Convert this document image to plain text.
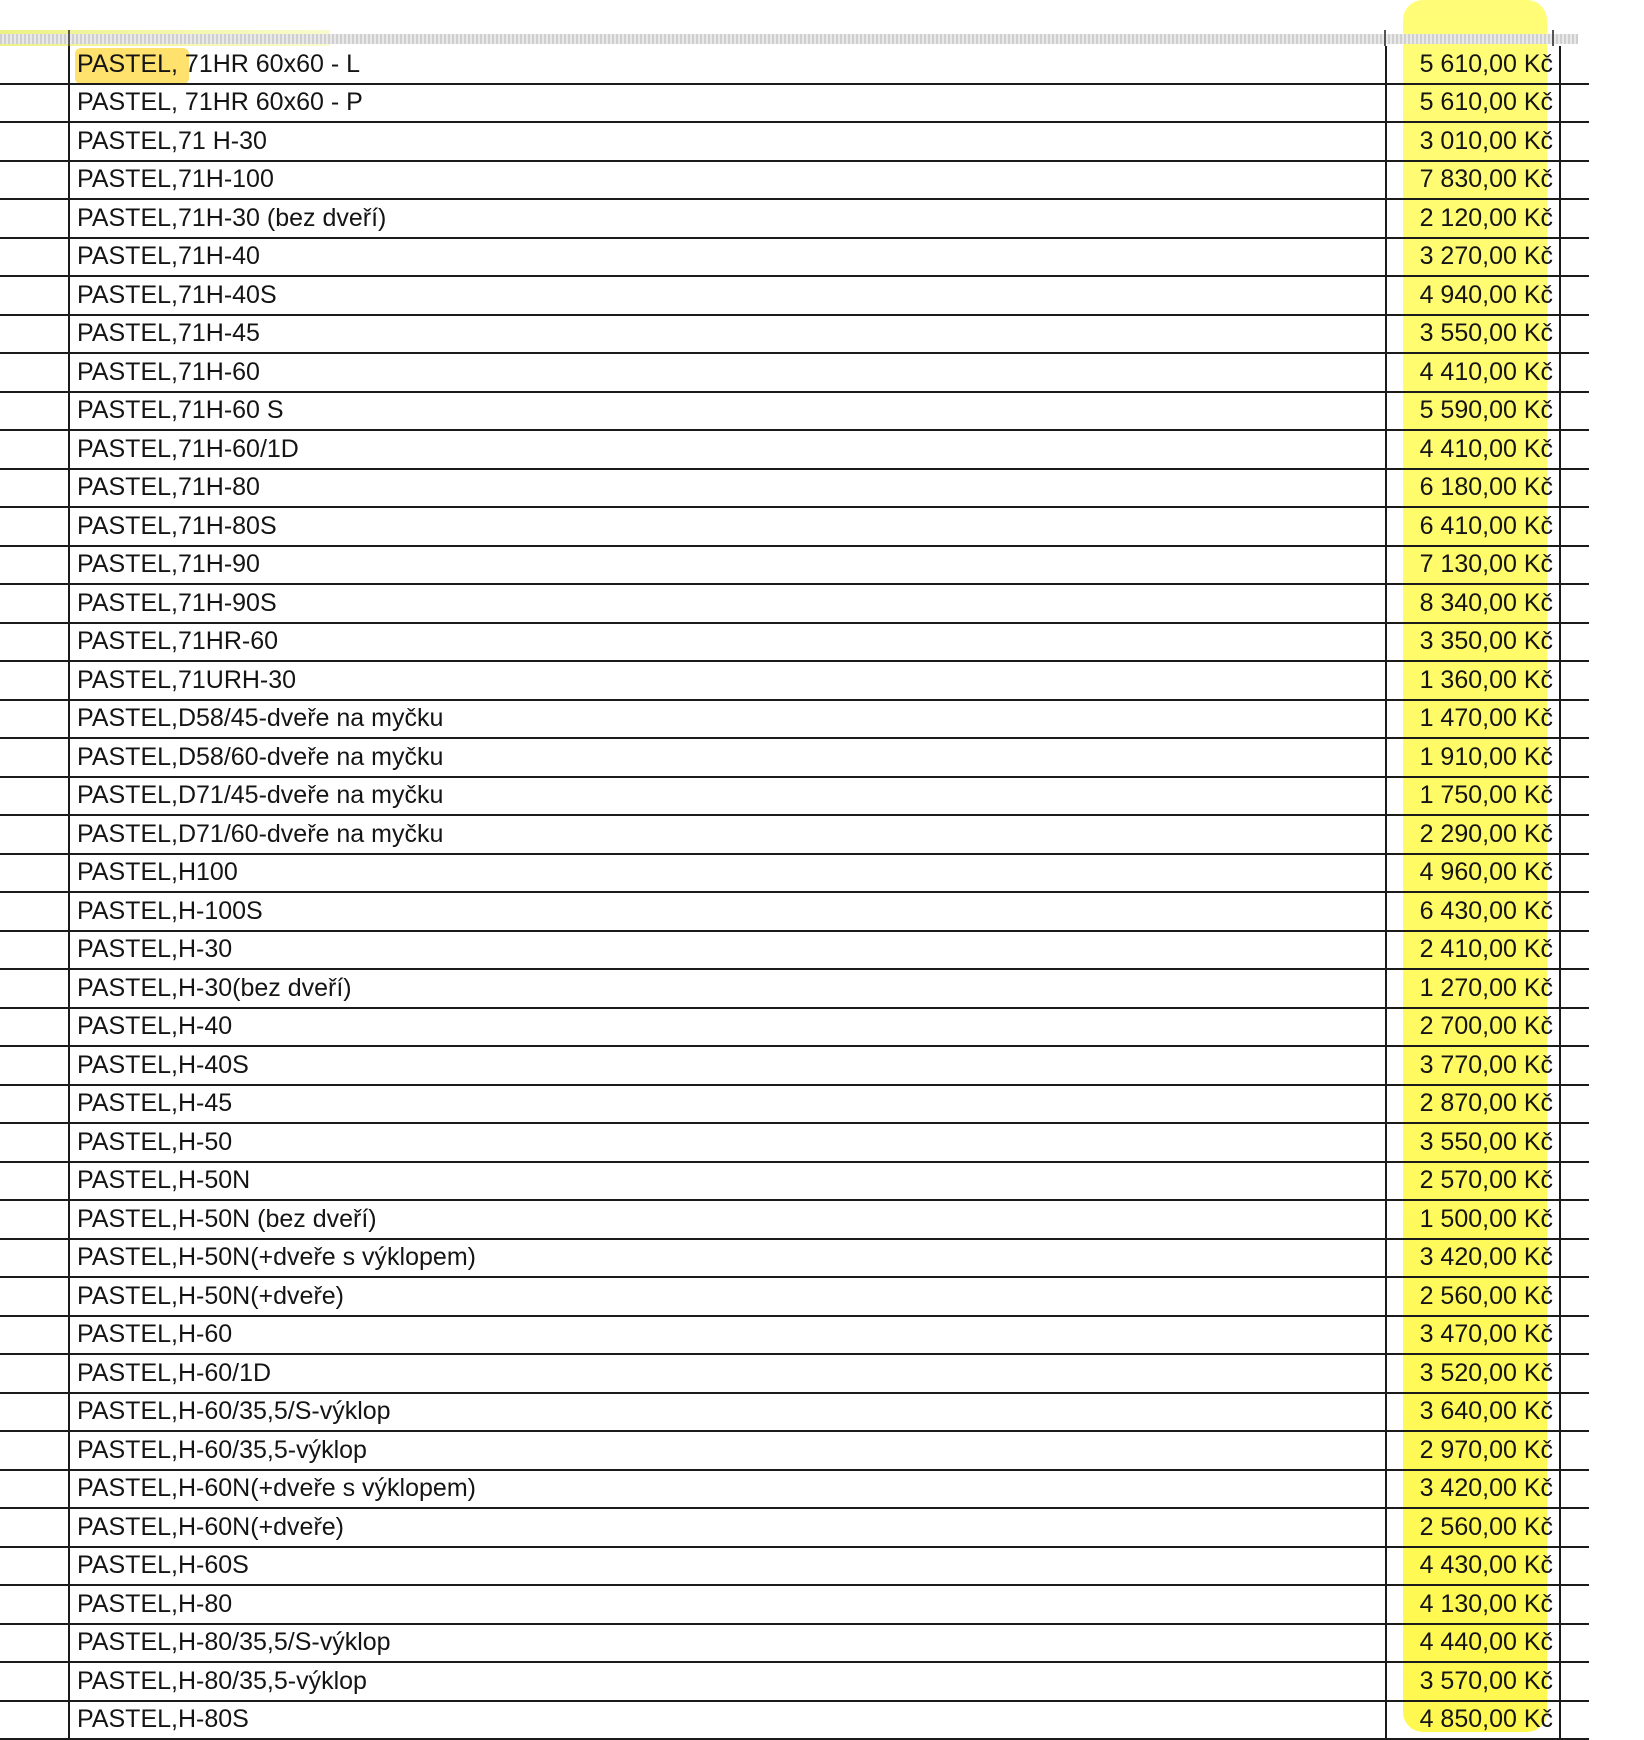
	PASTEL, 71HR 60x60 - L	5 610,00 Kč	
	PASTEL, 71HR 60x60 - P	5 610,00 Kč	
	PASTEL,71 H-30	3 010,00 Kč	
	PASTEL,71H-100	7 830,00 Kč	
	PASTEL,71H-30 (bez dveří)	2 120,00 Kč	
	PASTEL,71H-40	3 270,00 Kč	
	PASTEL,71H-40S	4 940,00 Kč	
	PASTEL,71H-45	3 550,00 Kč	
	PASTEL,71H-60	4 410,00 Kč	
	PASTEL,71H-60 S	5 590,00 Kč	
	PASTEL,71H-60/1D	4 410,00 Kč	
	PASTEL,71H-80	6 180,00 Kč	
	PASTEL,71H-80S	6 410,00 Kč	
	PASTEL,71H-90	7 130,00 Kč	
	PASTEL,71H-90S	8 340,00 Kč	
	PASTEL,71HR-60	3 350,00 Kč	
	PASTEL,71URH-30	1 360,00 Kč	
	PASTEL,D58/45-dveře na myčku	1 470,00 Kč	
	PASTEL,D58/60-dveře na myčku	1 910,00 Kč	
	PASTEL,D71/45-dveře na myčku	1 750,00 Kč	
	PASTEL,D71/60-dveře na myčku	2 290,00 Kč	
	PASTEL,H100	4 960,00 Kč	
	PASTEL,H-100S	6 430,00 Kč	
	PASTEL,H-30	2 410,00 Kč	
	PASTEL,H-30(bez dveří)	1 270,00 Kč	
	PASTEL,H-40	2 700,00 Kč	
	PASTEL,H-40S	3 770,00 Kč	
	PASTEL,H-45	2 870,00 Kč	
	PASTEL,H-50	3 550,00 Kč	
	PASTEL,H-50N	2 570,00 Kč	
	PASTEL,H-50N (bez dveří)	1 500,00 Kč	
	PASTEL,H-50N(+dveře s výklopem)	3 420,00 Kč	
	PASTEL,H-50N(+dveře)	2 560,00 Kč	
	PASTEL,H-60	3 470,00 Kč	
	PASTEL,H-60/1D	3 520,00 Kč	
	PASTEL,H-60/35,5/S-výklop	3 640,00 Kč	
	PASTEL,H-60/35,5-výklop	2 970,00 Kč	
	PASTEL,H-60N(+dveře s výklopem)	3 420,00 Kč	
	PASTEL,H-60N(+dveře)	2 560,00 Kč	
	PASTEL,H-60S	4 430,00 Kč	
	PASTEL,H-80	4 130,00 Kč	
	PASTEL,H-80/35,5/S-výklop	4 440,00 Kč	
	PASTEL,H-80/35,5-výklop	3 570,00 Kč	
	PASTEL,H-80S	4 850,00 Kč	
